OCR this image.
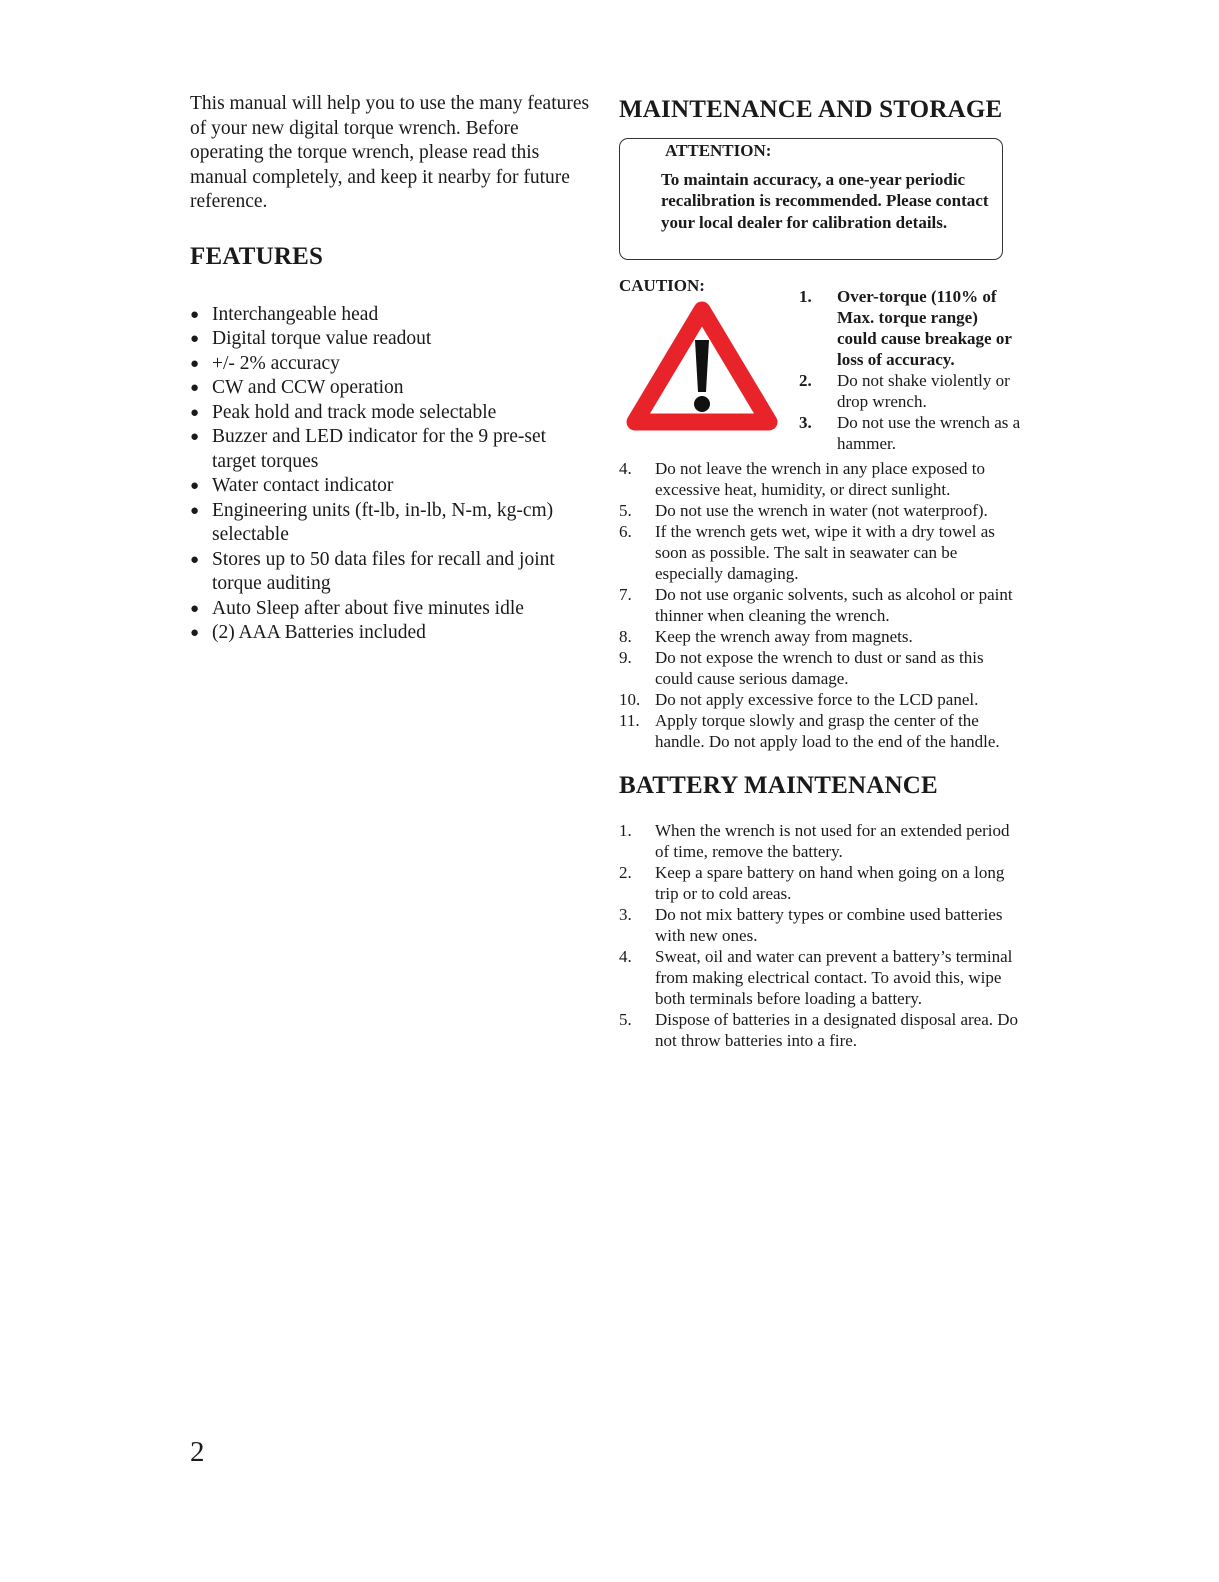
This manual will help you to use the many features of your new digital torque wrench. Before operating the torque wrench, please read this manual completely, and keep it nearby for future reference.

FEATURES
● Interchangeable head
● Digital torque value readout
● +/- 2% accuracy
● CW and CCW operation
● Peak hold and track mode selectable
● Buzzer and LED indicator for the 9 pre-set target torques
● Water contact indicator
● Engineering units (ft-lb, in-lb, N-m, kg-cm) selectable
● Stores up to 50 data files for recall and joint torque auditing
● Auto Sleep after about five minutes idle
● (2) AAA Batteries included
MAINTENANCE AND STORAGE
ATTENTION:
To maintain accuracy, a one-year periodic recalibration is recommended. Please contact your local dealer for calibration details.
CAUTION:
1.	Over-torque (110% of Max. torque range) could cause breakage or loss of accuracy.
2.	Do not shake violently or drop wrench.
3.	Do not use the wrench as a hammer.
4.	Do not leave the wrench in any place exposed to excessive heat, humidity, or direct sunlight.
5.	Do not use the wrench in water (not waterproof).
6.	If the wrench gets wet, wipe it with a dry towel as soon as possible. The salt in seawater can be especially damaging.
7.	Do not use organic solvents, such as alcohol or paint thinner when cleaning the wrench.
8.	Keep the wrench away from magnets.
9.	Do not expose the wrench to dust or sand as this could cause serious damage.
10. Do not apply excessive force to the LCD panel.
11. Apply torque slowly and grasp the center of the handle. Do not apply load to the end of the handle.
BATTERY MAINTENANCE
1.	When the wrench is not used for an extended period of time, remove the battery.
2.	Keep a spare battery on hand when going on a long trip or to cold areas.
3.	Do not mix battery types or combine used batteries with new ones.
4.	Sweat, oil and water can prevent a battery’s terminal from making electrical contact. To avoid this, wipe both terminals before loading a battery.
5.	Dispose of batteries in a designated disposal area. Do not throw batteries into a fire.
2
